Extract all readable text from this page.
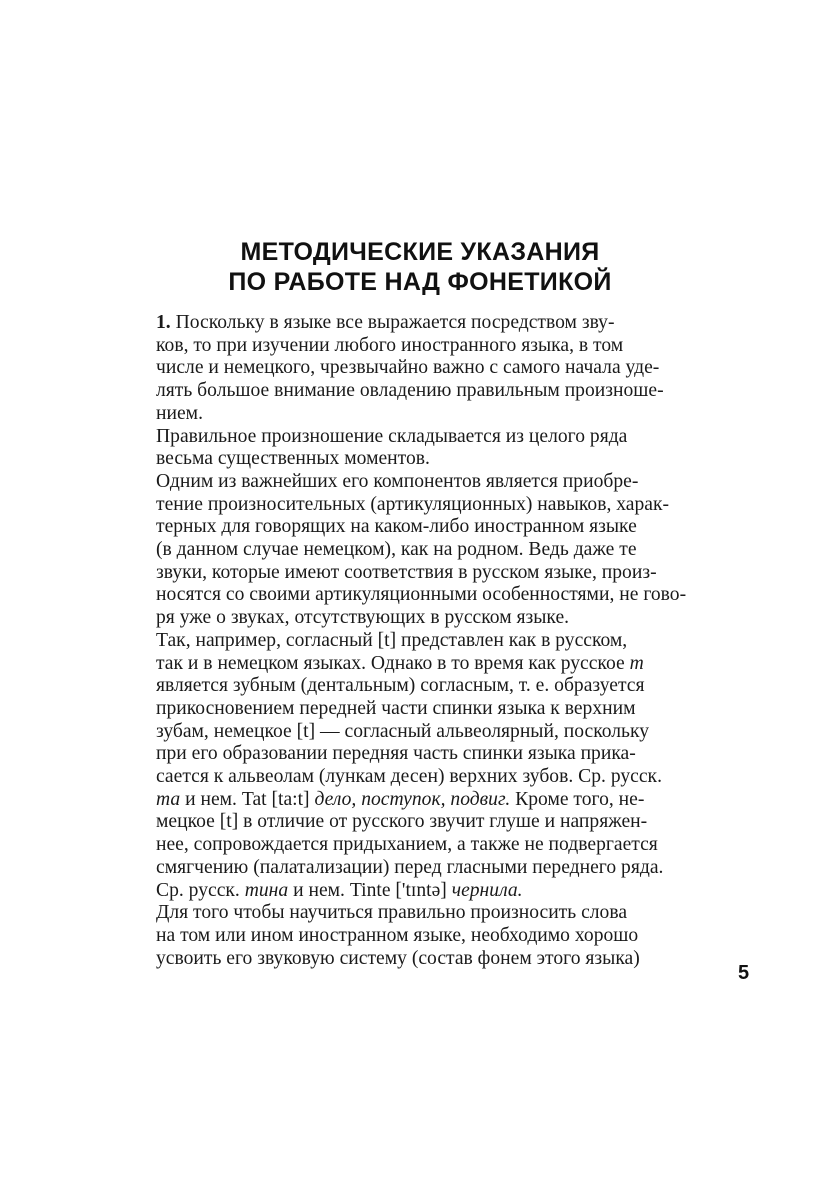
МЕТОДИЧЕСКИЕ УКАЗАНИЯ
ПО РАБОТЕ НАД ФОНЕТИКОЙ
1. Поскольку в языке все выражается посредством зву-
ков, то при изучении любого иностранного языка, в том
числе и немецкого, чрезвычайно важно с самого начала уде-
лять большое внимание овладению правильным произноше-
нием.
Правильное произношение складывается из целого ряда
весьма существенных моментов.
Одним из важнейших его компонентов является приобре-
тение произносительных (артикуляционных) навыков, харак-
терных для говорящих на каком-либо иностранном языке
(в данном случае немецком), как на родном. Ведь даже те
звуки, которые имеют соответствия в русском языке, произ-
носятся со своими артикуляционными особенностями, не гово-
ря уже о звуках, отсутствующих в русском языке.
Так, например, согласный [t] представлен как в русском,
так и в немецком языках. Однако в то время как русское т
является зубным (дентальным) согласным, т. е. образуется
прикосновением передней части спинки языка к верхним
зубам, немецкое [t] — согласный альвеолярный, поскольку
при его образовании передняя часть спинки языка прика-
сается к альвеолам (лункам десен) верхних зубов. Ср. русск.
та и нем. Tat [ta:t] дело, поступок, подвиг. Кроме того, не-
мецкое [t] в отличие от русского звучит глуше и напряжен-
нее, сопровождается придыханием, а также не подвергается
смягчению (палатализации) перед гласными переднего ряда.
Ср. русск. тина и нем. Tinte ['tɪntə] чернила.
Для того чтобы научиться правильно произносить слова
на том или ином иностранном языке, необходимо хорошо
усвоить его звуковую систему (состав фонем этого языка)
5
